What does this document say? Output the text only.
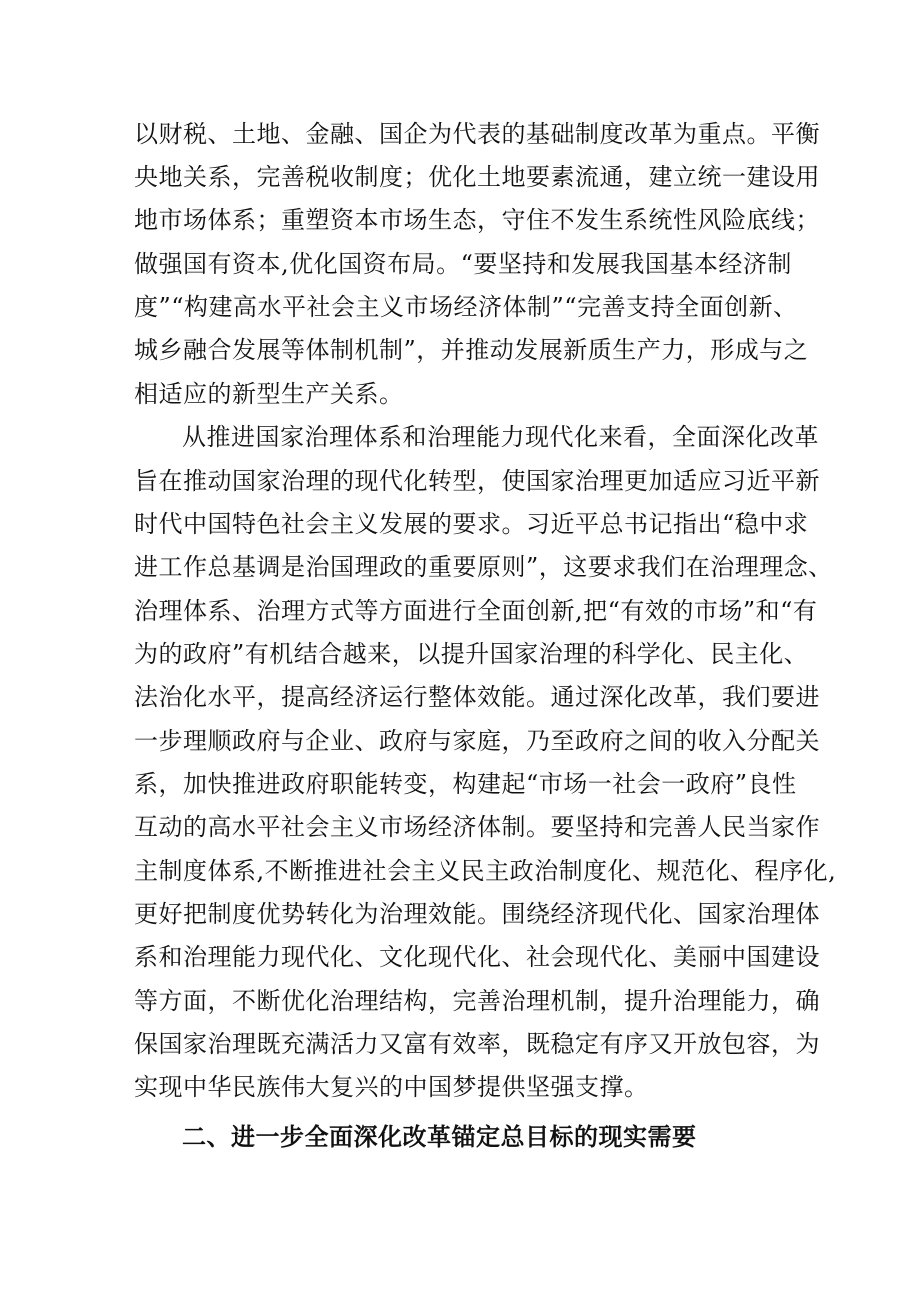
以财税、土地、金融、国企为代表的基础制度改革为重点。平衡
央地关系，完善税收制度；优化土地要素流通，建立统一建设用
地市场体系；重塑资本市场生态，守住不发生系统性风险底线；
做强国有资本,优化国资布局。“要坚持和发展我国基本经济制
度”“构建高水平社会主义市场经济体制”“完善支持全面创新、
城乡融合发展等体制机制”，并推动发展新质生产力，形成与之
相适应的新型生产关系。
从推进国家治理体系和治理能力现代化来看，全面深化改革
旨在推动国家治理的现代化转型，使国家治理更加适应习近平新
时代中国特色社会主义发展的要求。习近平总书记指出“稳中求
进工作总基调是治国理政的重要原则”，这要求我们在治理理念、
治理体系、治理方式等方面进行全面创新,把“有效的市场”和“有
为的政府”有机结合越来，以提升国家治理的科学化、民主化、
法治化水平，提高经济运行整体效能。通过深化改革，我们要进
一步理顺政府与企业、政府与家庭，乃至政府之间的收入分配关
系，加快推进政府职能转变，构建起“市场一社会一政府”良性
互动的高水平社会主义市场经济体制。要坚持和完善人民当家作
主制度体系,不断推进社会主义民主政治制度化、规范化、程序化,
更好把制度优势转化为治理效能。围绕经济现代化、国家治理体
系和治理能力现代化、文化现代化、社会现代化、美丽中国建设
等方面，不断优化治理结构，完善治理机制，提升治理能力，确
保国家治理既充满活力又富有效率，既稳定有序又开放包容，为
实现中华民族伟大复兴的中国梦提供坚强支撑。
二、进一步全面深化改革锚定总目标的现实需要
